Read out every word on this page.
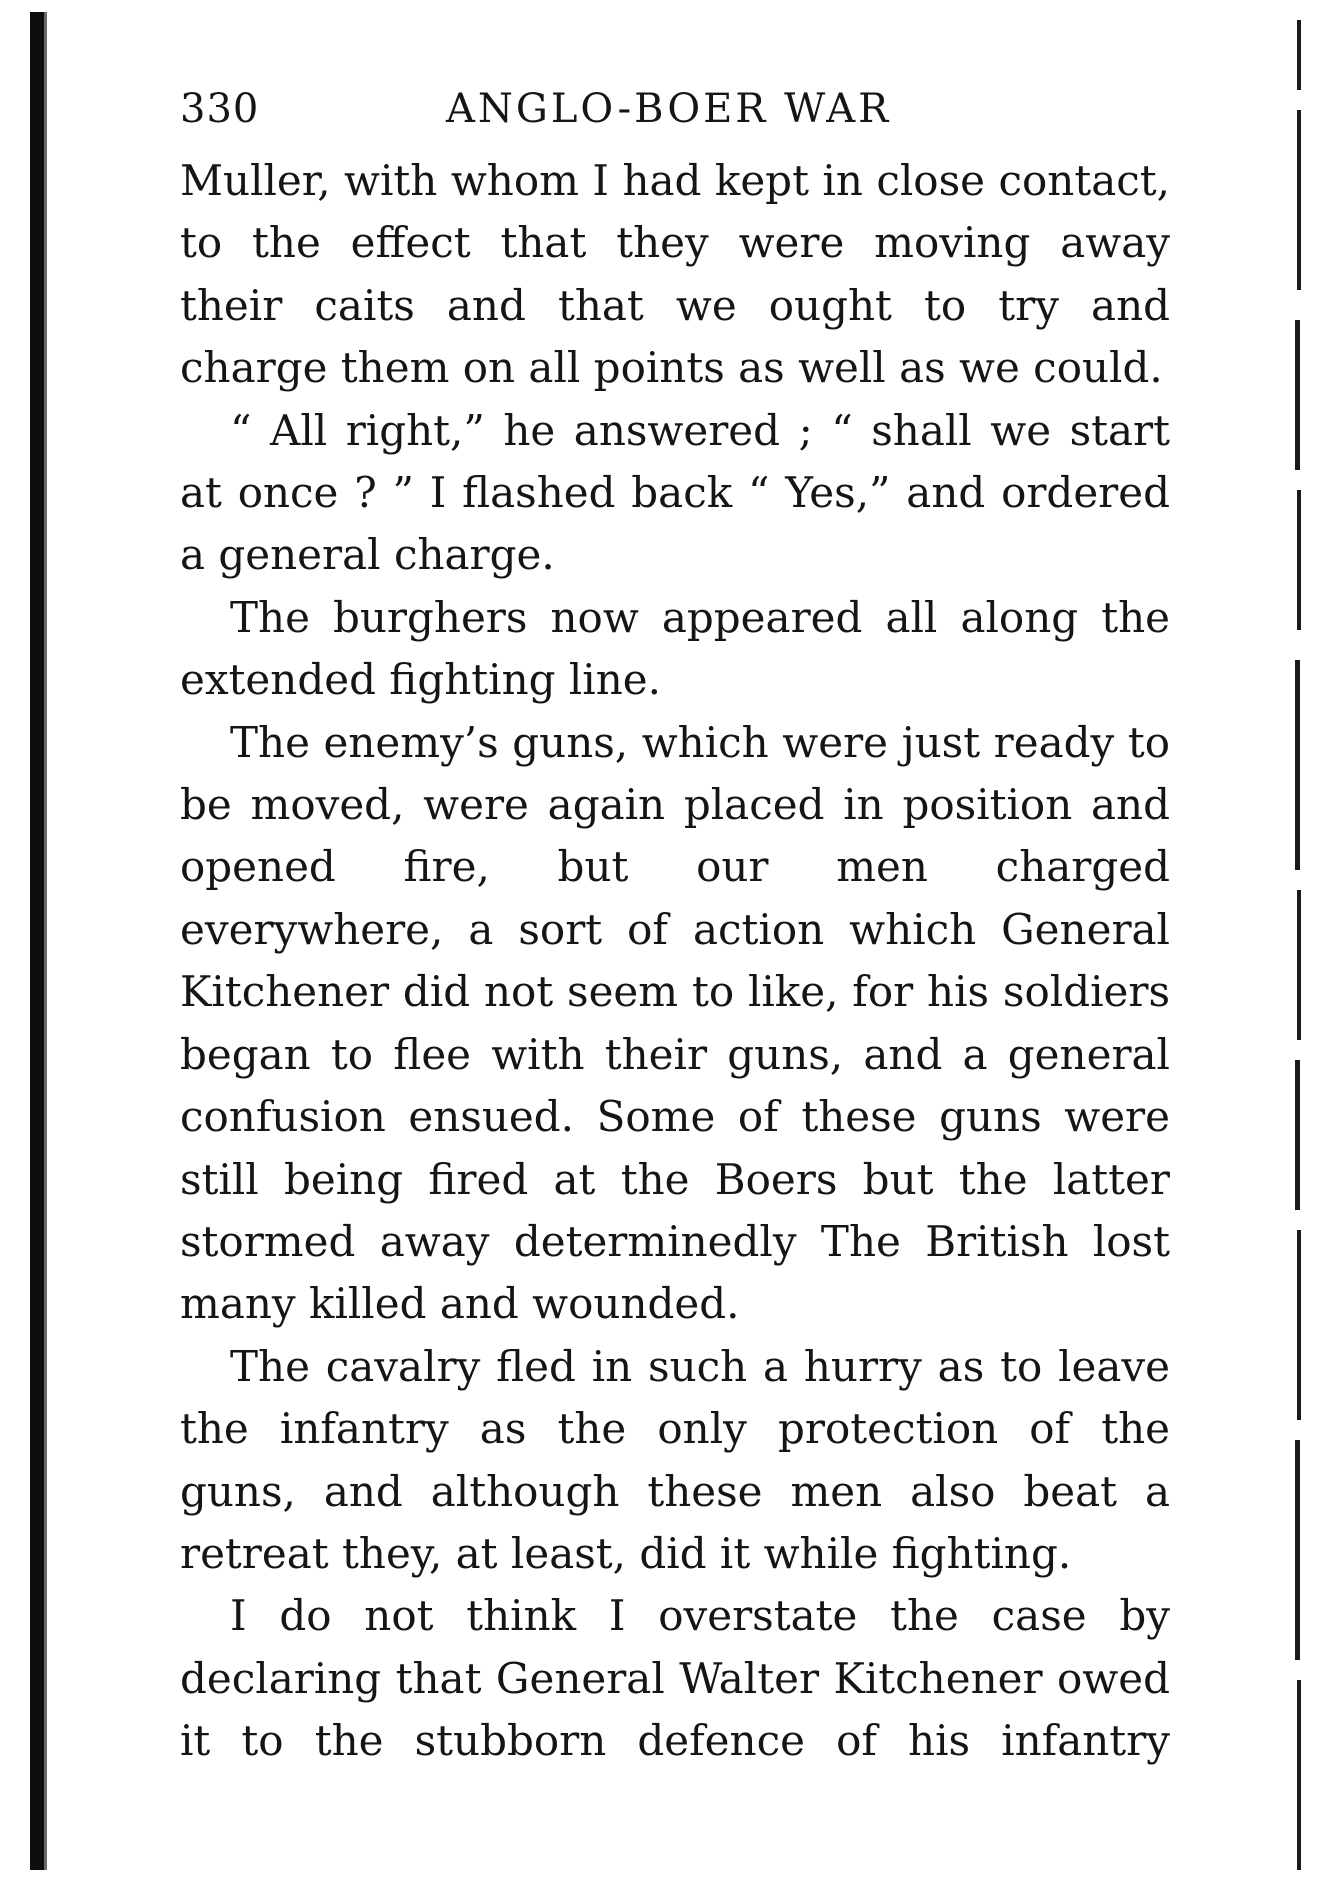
330	ANGLO-BOER WAR

Muller, with whom I had kept in close contact, to the effect that they were moving away their caits and that we ought to try and charge them on all points as well as we could.

“ All right,” he answered ; “ shall we start at once ? ” I flashed back “ Yes,” and ordered a general charge.

The burghers now appeared all along the extended fighting line.

The enemy’s guns, which were just ready to be moved, were again placed in position and opened fire, but our men charged everywhere, a sort of action which General Kitchener did not seem to like, for his soldiers began to flee with their guns, and a general confusion ensued. Some of these guns were still being fired at the Boers but the latter stormed away determinedly The British lost many killed and wounded.

The cavalry fled in such a hurry as to leave the infantry as the only protection of the guns, and although these men also beat a retreat they, at least, did it while fighting.

I do not think I overstate the case by declaring that General Walter Kitchener owed it to the stubborn defence of his infantry
